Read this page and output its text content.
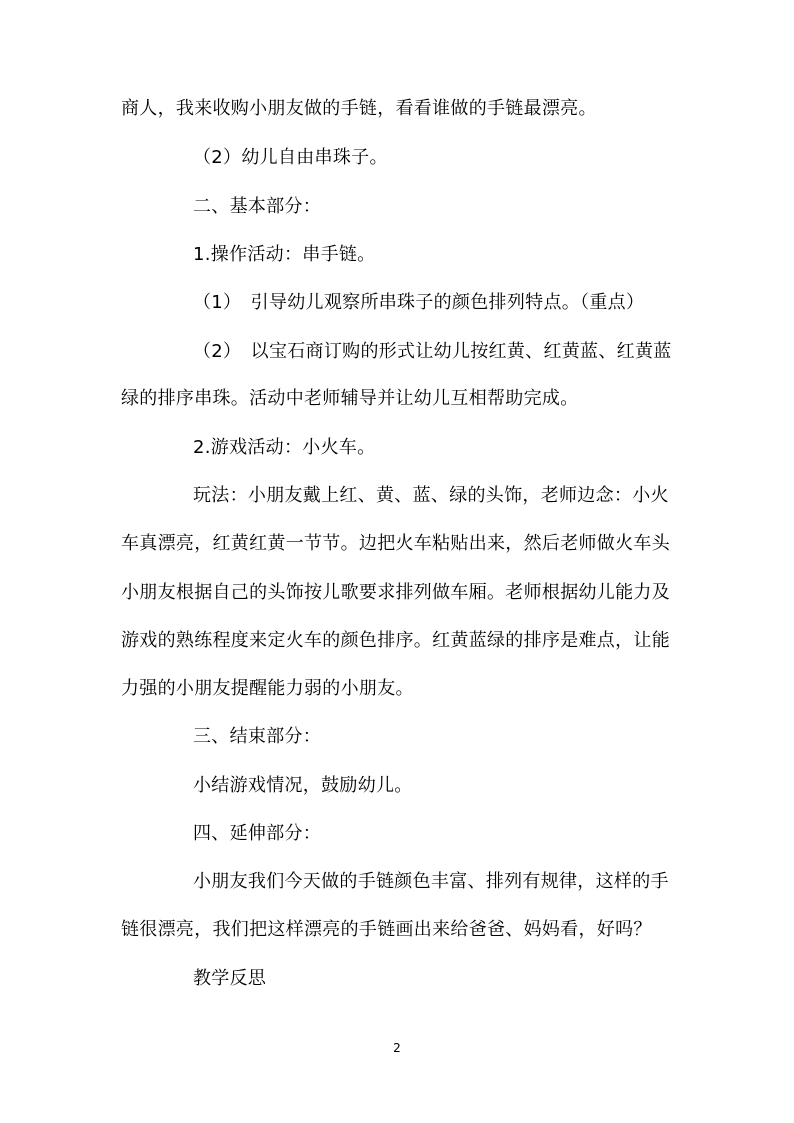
商人，我来收购小朋友做的手链，看看谁做的手链最漂亮。
（2）幼儿自由串珠子。
二、基本部分：
1.操作活动：串手链。
（1）　引导幼儿观察所串珠子的颜色排列特点。（重点）
（2）　以宝石商订购的形式让幼儿按红黄、红黄蓝、红黄蓝
绿的排序串珠。活动中老师辅导并让幼儿互相帮助完成。
2.游戏活动：小火车。
玩法：小朋友戴上红、黄、蓝、绿的头饰，老师边念：小火
车真漂亮，红黄红黄一节节。边把火车粘贴出来，然后老师做火车头
小朋友根据自己的头饰按儿歌要求排列做车厢。老师根据幼儿能力及
游戏的熟练程度来定火车的颜色排序。红黄蓝绿的排序是难点，让能
力强的小朋友提醒能力弱的小朋友。
三、结束部分：
小结游戏情况，鼓励幼儿。
四、延伸部分：
小朋友我们今天做的手链颜色丰富、排列有规律，这样的手
链很漂亮，我们把这样漂亮的手链画出来给爸爸、妈妈看，好吗？
教学反思
2
